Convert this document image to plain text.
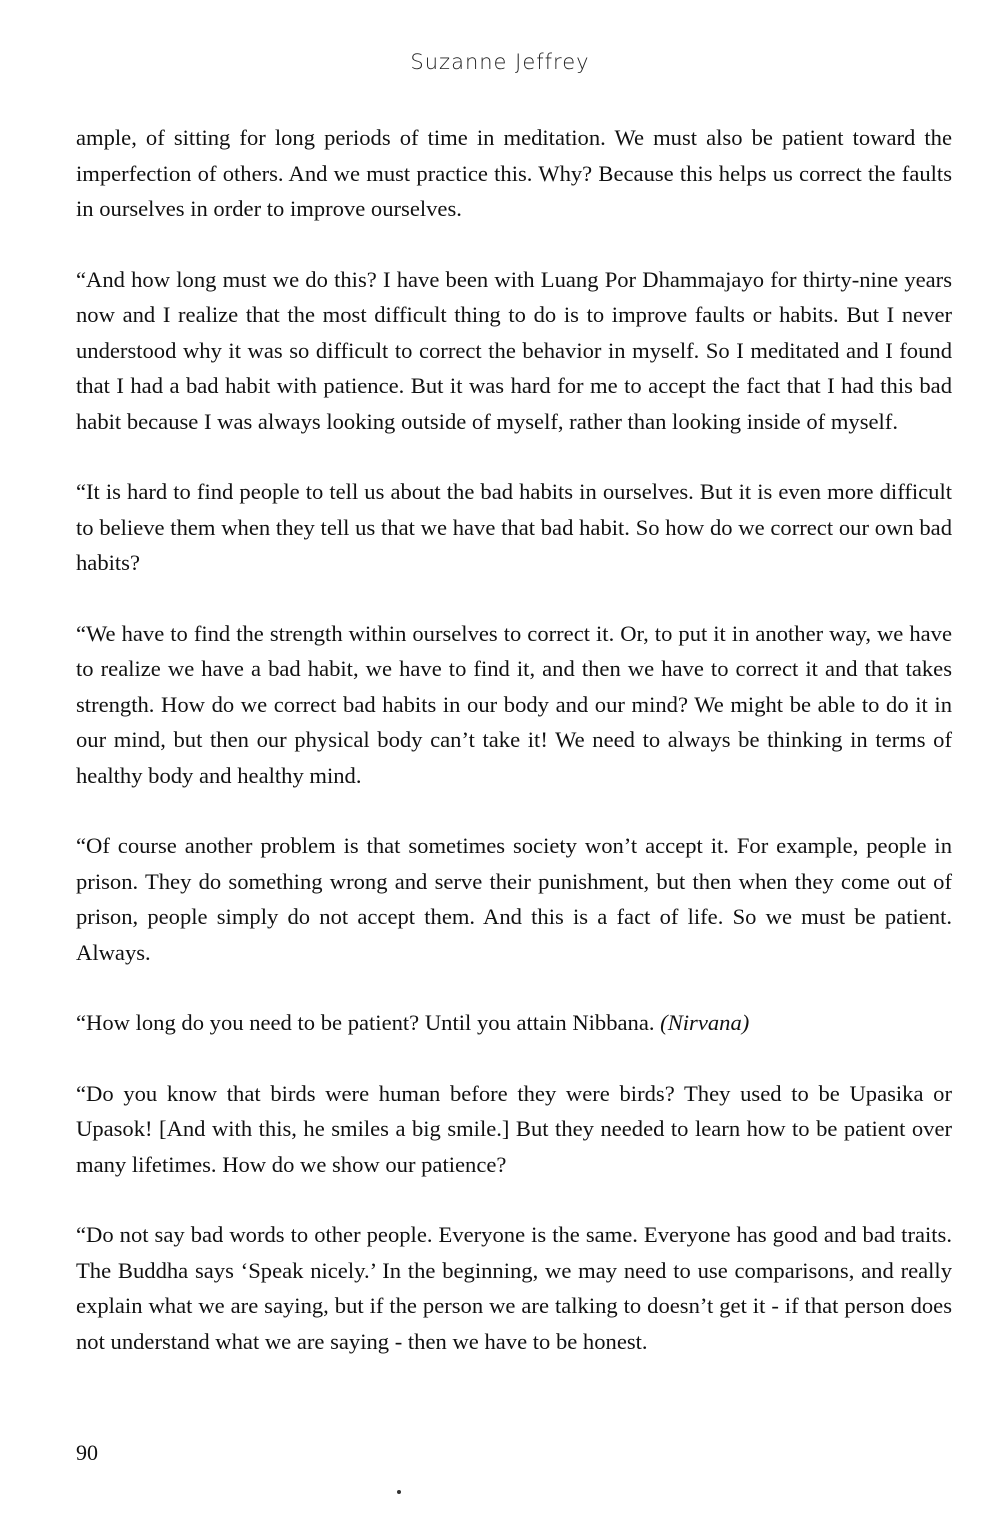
Suzanne Jeffrey

ample, of sitting for long periods of time in meditation. We must also be patient toward the imperfection of others. And we must practice this. Why? Because this helps us correct the faults in ourselves in order to improve ourselves.

“And how long must we do this? I have been with Luang Por Dhammajayo for thirty-nine years now and I realize that the most difficult thing to do is to improve faults or habits. But I never understood why it was so difficult to correct the behavior in myself. So I meditated and I found that I had a bad habit with patience. But it was hard for me to accept the fact that I had this bad habit because I was always looking outside of myself, rather than looking inside of myself.

“It is hard to find people to tell us about the bad habits in ourselves. But it is even more difficult to believe them when they tell us that we have that bad habit. So how do we correct our own bad habits?

“We have to find the strength within ourselves to correct it. Or, to put it in another way, we have to realize we have a bad habit, we have to find it, and then we have to correct it and that takes strength. How do we correct bad habits in our body and our mind? We might be able to do it in our mind, but then our physical body can’t take it! We need to always be thinking in terms of healthy body and healthy mind.

“Of course another problem is that sometimes society won’t accept it. For example, people in prison. They do something wrong and serve their punishment, but then when they come out of prison, people simply do not accept them. And this is a fact of life. So we must be patient. Always.

“How long do you need to be patient? Until you attain Nibbana. (Nirvana)

“Do you know that birds were human before they were birds? They used to be Upasika or Upasok! [And with this, he smiles a big smile.] But they needed to learn how to be patient over many lifetimes. How do we show our patience?

“Do not say bad words to other people. Everyone is the same. Everyone has good and bad traits. The Buddha says ‘Speak nicely.’ In the beginning, we may need to use comparisons, and really explain what we are saying, but if the person we are talking to doesn’t get it - if that person does not understand what we are saying - then we have to be honest.

90
